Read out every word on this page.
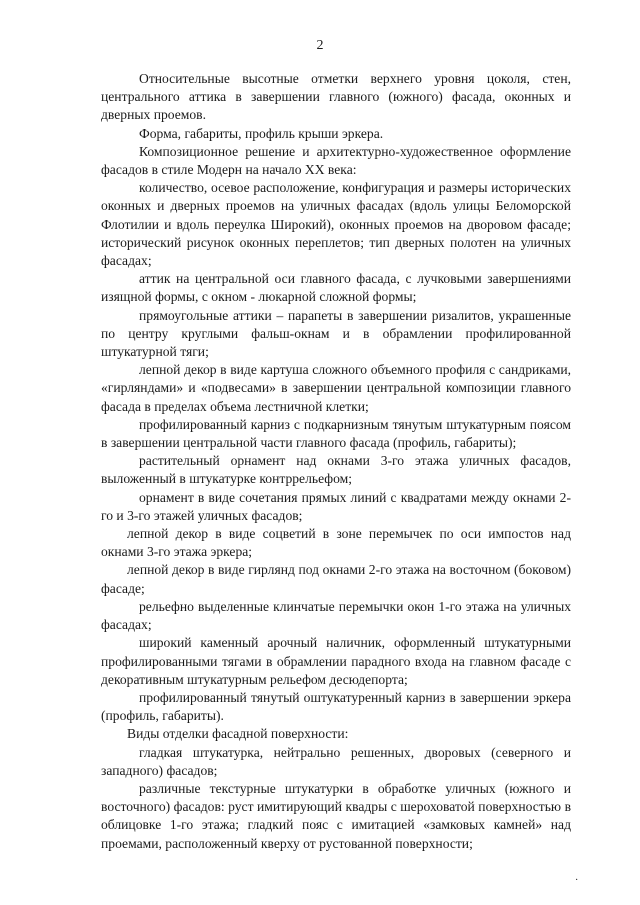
2

Относительные высотные отметки верхнего уровня цоколя, стен, центрального аттика в завершении главного (южного) фасада, оконных и дверных проемов.

Форма, габариты, профиль крыши эркера.

Композиционное решение и архитектурно-художественное оформление фасадов в стиле Модерн на начало XX века:

количество, осевое расположение, конфигурация и размеры исторических оконных и дверных проемов на уличных фасадах (вдоль улицы Беломорской Флотилии и вдоль переулка Широкий), оконных проемов на дворовом фасаде; исторический рисунок оконных переплетов; тип дверных полотен на уличных фасадах;

аттик на центральной оси главного фасада, с лучковыми завершениями изящной формы, с окном - люкарной сложной формы;

прямоугольные аттики – парапеты в завершении ризалитов, украшенные по центру круглыми фальш-окнам и в обрамлении профилированной штукатурной тяги;

лепной декор в виде картуша сложного объемного профиля с сандриками, «гирляндами» и «подвесами» в завершении центральной композиции главного фасада в пределах объема лестничной клетки;

профилированный карниз с подкарнизным тянутым штукатурным поясом в завершении центральной части главного фасада (профиль, габариты);

растительный орнамент над окнами 3-го этажа уличных фасадов, выложенный в штукатурке контррельефом;

орнамент в виде сочетания прямых линий с квадратами между окнами 2-го и 3-го этажей уличных фасадов;

лепной декор в виде соцветий в зоне перемычек по оси импостов над окнами 3-го этажа эркера;

лепной декор в виде гирлянд под окнами 2-го этажа на восточном (боковом) фасаде;

рельефно выделенные клинчатые перемычки окон 1-го этажа на уличных фасадах;

широкий каменный арочный наличник, оформленный штукатурными профилированными тягами в обрамлении парадного входа на главном фасаде с декоративным штукатурным рельефом десюдепорта;

профилированный тянутый оштукатуренный карниз в завершении эркера (профиль, габариты).

Виды отделки фасадной поверхности:

гладкая штукатурка, нейтрально решенных, дворовых (северного и западного) фасадов;

различные текстурные штукатурки в обработке уличных (южного и восточного) фасадов: руст имитирующий квадры с шероховатой поверхностью в облицовке 1-го этажа; гладкий пояс с имитацией «замковых камней» над проемами, расположенный кверху от рустованной поверхности;

·
